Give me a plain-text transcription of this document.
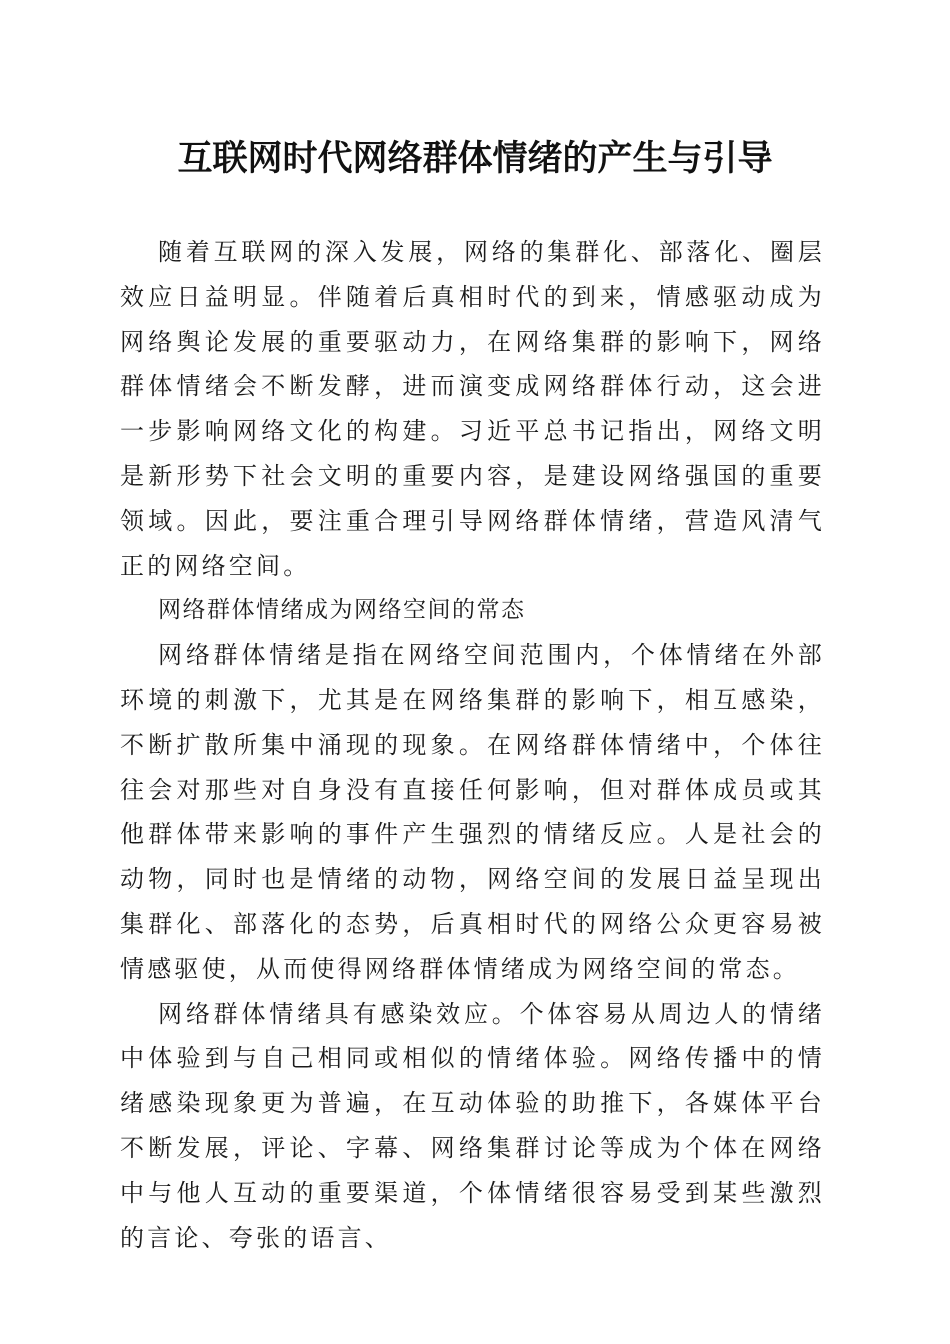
互联网时代网络群体情绪的产生与引导

随着互联网的深入发展，网络的集群化、部落化、圈层效应日益明显。伴随着后真相时代的到来，情感驱动成为网络舆论发展的重要驱动力，在网络集群的影响下，网络群体情绪会不断发酵，进而演变成网络群体行动，这会进一步影响网络文化的构建。习近平总书记指出，网络文明是新形势下社会文明的重要内容，是建设网络强国的重要领域。因此，要注重合理引导网络群体情绪，营造风清气正的网络空间。

网络群体情绪成为网络空间的常态

网络群体情绪是指在网络空间范围内，个体情绪在外部环境的刺激下，尤其是在网络集群的影响下，相互感染，不断扩散所集中涌现的现象。在网络群体情绪中，个体往往会对那些对自身没有直接任何影响，但对群体成员或其他群体带来影响的事件产生强烈的情绪反应。人是社会的动物，同时也是情绪的动物，网络空间的发展日益呈现出集群化、部落化的态势，后真相时代的网络公众更容易被情感驱使，从而使得网络群体情绪成为网络空间的常态。

网络群体情绪具有感染效应。个体容易从周边人的情绪中体验到与自己相同或相似的情绪体验。网络传播中的情绪感染现象更为普遍，在互动体验的助推下，各媒体平台不断发展，评论、字幕、网络集群讨论等成为个体在网络中与他人互动的重要渠道，个体情绪很容易受到某些激烈的言论、夸张的语言、
